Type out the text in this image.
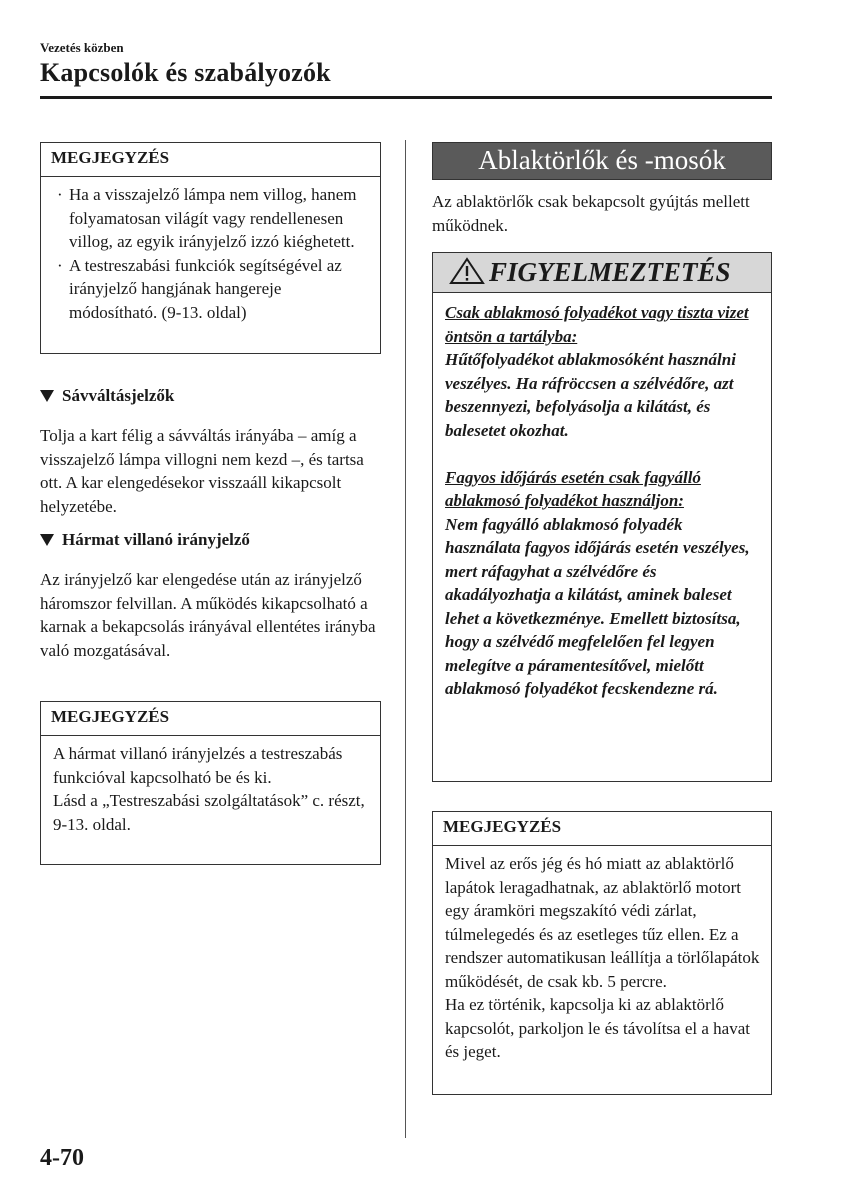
Vezetés közben
Kapcsolók és szabályozók
MEGJEGYZÉS
· Ha a visszajelző lámpa nem villog, hanem folyamatosan világít vagy rendellenesen villog, az egyik irányjelző izzó kiéghetett.
· A testreszabási funkciók segítségével az irányjelző hangjának hangereje módosítható. (9-13. oldal)
Sávváltásjelzők
Tolja a kart félig a sávváltás irányába – amíg a visszajelző lámpa villogni nem kezd –, és tartsa ott. A kar elengedésekor visszaáll kikapcsolt helyzetébe.
Hármat villanó irányjelző
Az irányjelző kar elengedése után az irányjelző háromszor felvillan. A működés kikapcsolható a karnak a bekapcsolás irányával ellentétes irányba való mozgatásával.
MEGJEGYZÉS
A hármat villanó irányjelzés a testreszabás funkcióval kapcsolható be és ki.
Lásd a „Testreszabási szolgáltatások” c. részt, 9-13. oldal.
Ablaktörlők és -mosók
Az ablaktörlők csak bekapcsolt gyújtás mellett működnek.
FIGYELMEZTETÉS

Csak ablakmosó folyadékot vagy tiszta vizet öntsön a tartályba:
Hűtőfolyadékot ablakmosóként használni veszélyes. Ha ráfröccsen a szélvédőre, azt beszennyezi, befolyásolja a kilátást, és balesetet okozhat.

Fagyos időjárás esetén csak fagyálló ablakmosó folyadékot használjon:
Nem fagyálló ablakmosó folyadék használata fagyos időjárás esetén veszélyes, mert ráfagyhat a szélvédőre és akadályozhatja a kilátást, aminek baleset lehet a következménye. Emellett biztosítsa, hogy a szélvédő megfelelően fel legyen melegítve a páramentesítővel, mielőtt ablakmosó folyadékot fecskendezne rá.

MEGJEGYZÉS
Mivel az erős jég és hó miatt az ablaktörlő lapátok leragadhatnak, az ablaktörlő motort egy áramköri megszakító védi zárlat, túlmelegedés és az esetleges tűz ellen. Ez a rendszer automatikusan leállítja a törlőlapátok működését, de csak kb. 5 percre.
Ha ez történik, kapcsolja ki az ablaktörlő kapcsolót, parkoljon le és távolítsa el a havat és jeget.
4-70
